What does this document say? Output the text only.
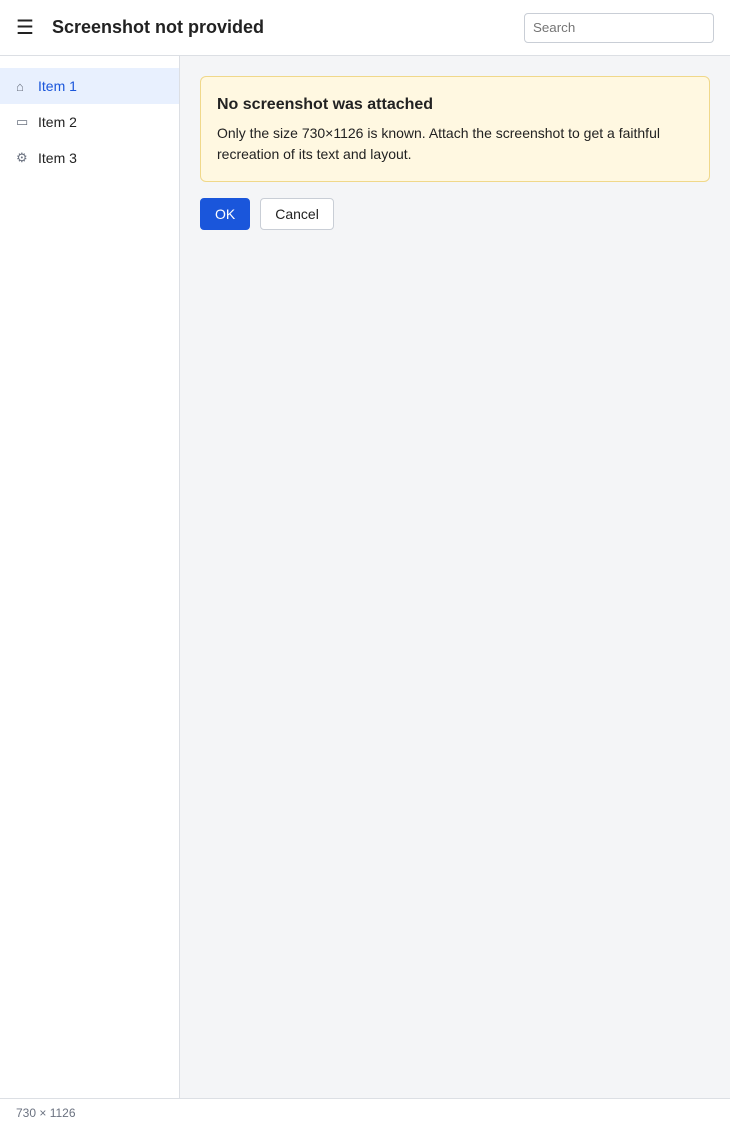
☰	Screenshot not provided
Search
⌂	Item 1
▭ Item 2
⚙ Item 3

No screenshot was attached

Only the size 730×1126 is known. Attach the screenshot to get a faithful recreation of its text and layout.

OK	Cancel
730 × 1126
